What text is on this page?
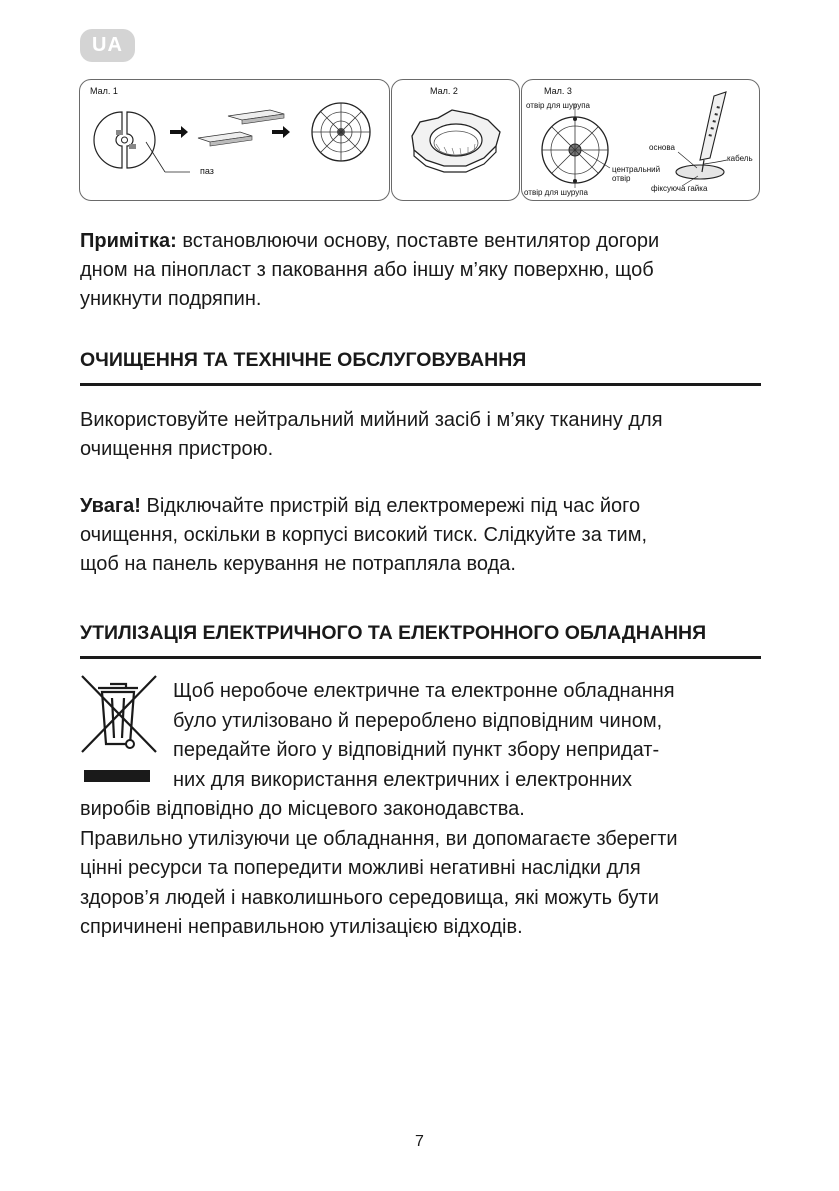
UA
Мал. 1
паз
Мал. 2	Мал. 3
отвір для шурупа
основа
кабель
центральний
отвір
отвір для шурупа	фіксуюча гайка
Примітка: встановлюючи основу, поставте вентилятор догори
дном на пінопласт з паковання або іншу м’яку поверхню, щоб
уникнути подряпин.
ОЧИЩЕННЯ ТА ТЕХНІЧНЕ ОБСЛУГОВУВАННЯ
Використовуйте нейтральний мийний засіб і м’яку тканину для
очищення пристрою.
Увага! Відключайте пристрій від електромережі під час його
очищення, оскільки в корпусі високий тиск. Слідкуйте за тим,
щоб на панель керування не потрапляла вода.
УТИЛІЗАЦІЯ ЕЛЕКТРИЧНОГО ТА ЕЛЕКТРОННОГО ОБЛАДНАННЯ
Щоб неробоче електричне та електронне обладнання
було утилізовано й перероблено відповідним чином,
передайте його у відповідний пункт збору непридат-
них для використання електричних і електронних
виробів відповідно до місцевого законодавства.
Правильно утилізуючи це обладнання, ви допомагаєте зберегти
цінні ресурси та попередити можливі негативні наслідки для
здоров’я людей і навколишнього середовища, які можуть бути
спричинені неправильною утилізацією відходів.
7
